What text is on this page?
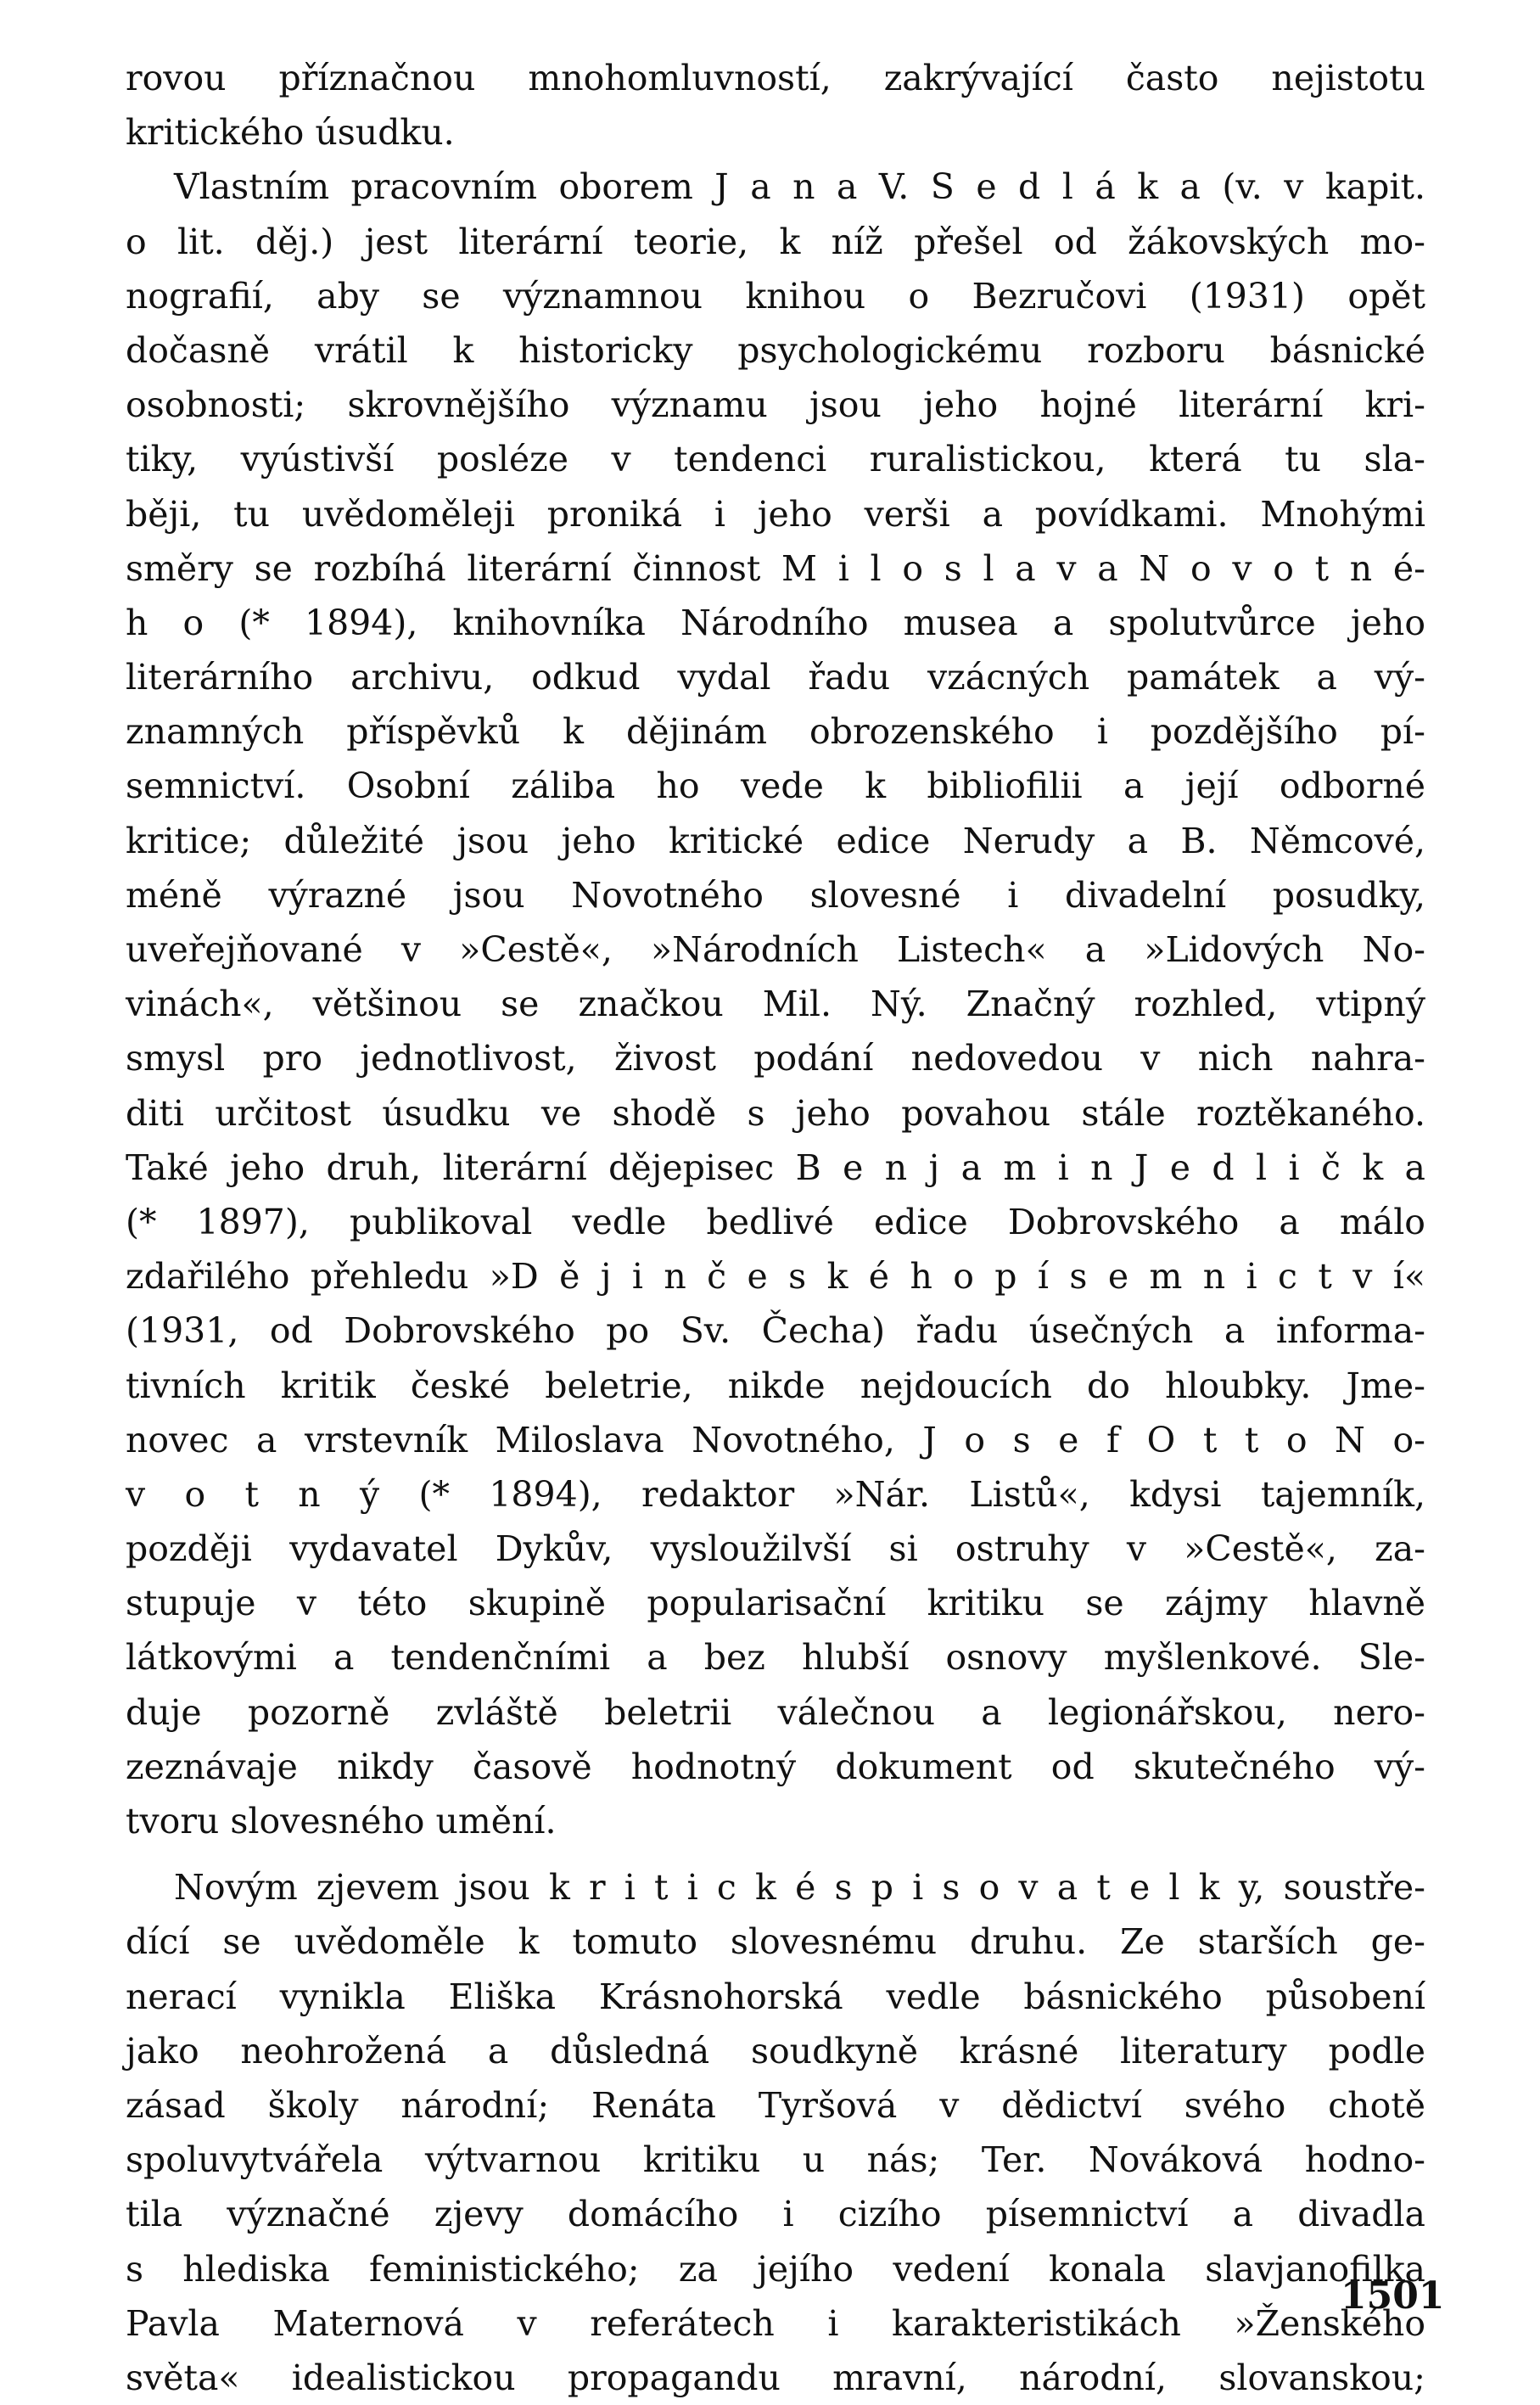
rovou příznačnou mnohomluvností, zakrývající často nejistotu
kritického úsudku.
Vlastním pracovním oborem J a n a V. S e d l á k a (v. v kapit.
o lit. děj.) jest literární teorie, k níž přešel od žákovských mo-
nografií, aby se významnou knihou o Bezručovi (1931) opět
dočasně vrátil k historicky psychologickému rozboru básnické
osobnosti; skrovnějšího významu jsou jeho hojné literární kri-
tiky, vyústivší posléze v tendenci ruralistickou, která tu sla-
běji, tu uvědoměleji proniká i jeho verši a povídkami. Mnohými
směry se rozbíhá literární činnost M i l o s l a v a N o v o t n é-
h o (* 1894), knihovníka Národního musea a spolutvůrce jeho
literárního archivu, odkud vydal řadu vzácných památek a vý-
znamných příspěvků k dějinám obrozenského i pozdějšího pí-
semnictví. Osobní záliba ho vede k bibliofilii a její odborné
kritice; důležité jsou jeho kritické edice Nerudy a B. Němcové,
méně výrazné jsou Novotného slovesné i divadelní posudky,
uveřejňované v »Cestě«, »Národních Listech« a »Lidových No-
vinách«, většinou se značkou Mil. Ný. Značný rozhled, vtipný
smysl pro jednotlivost, živost podání nedovedou v nich nahra-
diti určitost úsudku ve shodě s jeho povahou stále roztěkaného.
Také jeho druh, literární dějepisec B e n j a m i n J e d l i č k a
(* 1897), publikoval vedle bedlivé edice Dobrovského a málo
zdařilého přehledu »D ě j i n č e s k é h o p í s e m n i c t v í«
(1931, od Dobrovského po Sv. Čecha) řadu úsečných a informa-
tivních kritik české beletrie, nikde nejdoucích do hloubky. Jme-
novec a vrstevník Miloslava Novotného, J o s e f O t t o N o-
v o t n ý (* 1894), redaktor »Nár. Listů«, kdysi tajemník,
později vydavatel Dykův, vysloužilvší si ostruhy v »Cestě«, za-
stupuje v této skupině popularisační kritiku se zájmy hlavně
látkovými a tendenčními a bez hlubší osnovy myšlenkové. Sle-
duje pozorně zvláště beletrii válečnou a legionářskou, nero-
zeznávaje nikdy časově hodnotný dokument od skutečného vý-
tvoru slovesného umění.
Novým zjevem jsou k r i t i c k é s p i s o v a t e l k y, soustře-
dící se uvědoměle k tomuto slovesnému druhu. Ze starších ge-
nerací vynikla Eliška Krásnohorská vedle básnického působení
jako neohrožená a důsledná soudkyně krásné literatury podle
zásad školy národní; Renáta Tyršová v dědictví svého chotě
spoluvytvářela výtvarnou kritiku u nás; Ter. Nováková hodno-
tila význačné zjevy domácího i cizího písemnictví a divadla
s hlediska feministického; za jejího vedení konala slavjanofilka
Pavla Maternová v referátech i karakteristikách »Ženského
světa« idealistickou propagandu mravní, národní, slovanskou;
1501
